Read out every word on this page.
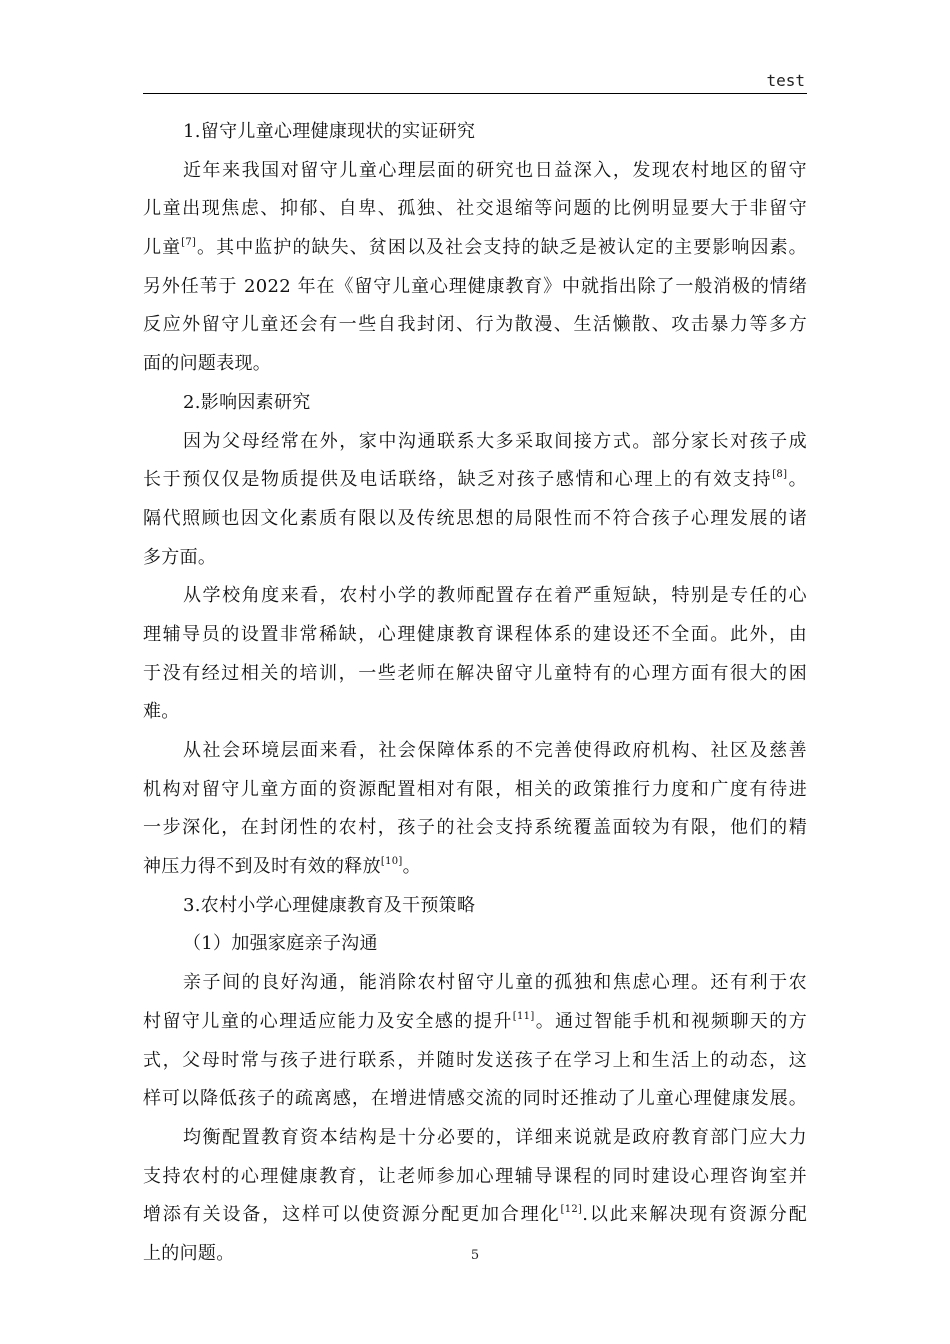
test
1.留守儿童心理健康现状的实证研究
近年来我国对留守儿童心理层面的研究也日益深入，发现农村地区的留守
儿童出现焦虑、抑郁、自卑、孤独、社交退缩等问题的比例明显要大于非留守
儿童[7]。其中监护的缺失、贫困以及社会支持的缺乏是被认定的主要影响因素。
另外任苇于 2022 年在《留守儿童心理健康教育》中就指出除了一般消极的情绪
反应外留守儿童还会有一些自我封闭、行为散漫、生活懒散、攻击暴力等多方
面的问题表现。
2.影响因素研究
因为父母经常在外，家中沟通联系大多采取间接方式。部分家长对孩子成
长于预仅仅是物质提供及电话联络，缺乏对孩子感情和心理上的有效支持[8]。
隔代照顾也因文化素质有限以及传统思想的局限性而不符合孩子心理发展的诸
多方面。
从学校角度来看，农村小学的教师配置存在着严重短缺，特别是专任的心
理辅导员的设置非常稀缺，心理健康教育课程体系的建设还不全面。此外，由
于没有经过相关的培训，一些老师在解决留守儿童特有的心理方面有很大的困
难。
从社会环境层面来看，社会保障体系的不完善使得政府机构、社区及慈善
机构对留守儿童方面的资源配置相对有限，相关的政策推行力度和广度有待进
一步深化，在封闭性的农村，孩子的社会支持系统覆盖面较为有限，他们的精
神压力得不到及时有效的释放[10]。
3.农村小学心理健康教育及干预策略
（1）加强家庭亲子沟通
亲子间的良好沟通，能消除农村留守儿童的孤独和焦虑心理。还有利于农
村留守儿童的心理适应能力及安全感的提升[11]。通过智能手机和视频聊天的方
式，父母时常与孩子进行联系，并随时发送孩子在学习上和生活上的动态，这
样可以降低孩子的疏离感，在增进情感交流的同时还推动了儿童心理健康发展。
均衡配置教育资本结构是十分必要的，详细来说就是政府教育部门应大力
支持农村的心理健康教育，让老师参加心理辅导课程的同时建设心理咨询室并
增添有关设备，这样可以使资源分配更加合理化[12].以此来解决现有资源分配
上的问题。	5
